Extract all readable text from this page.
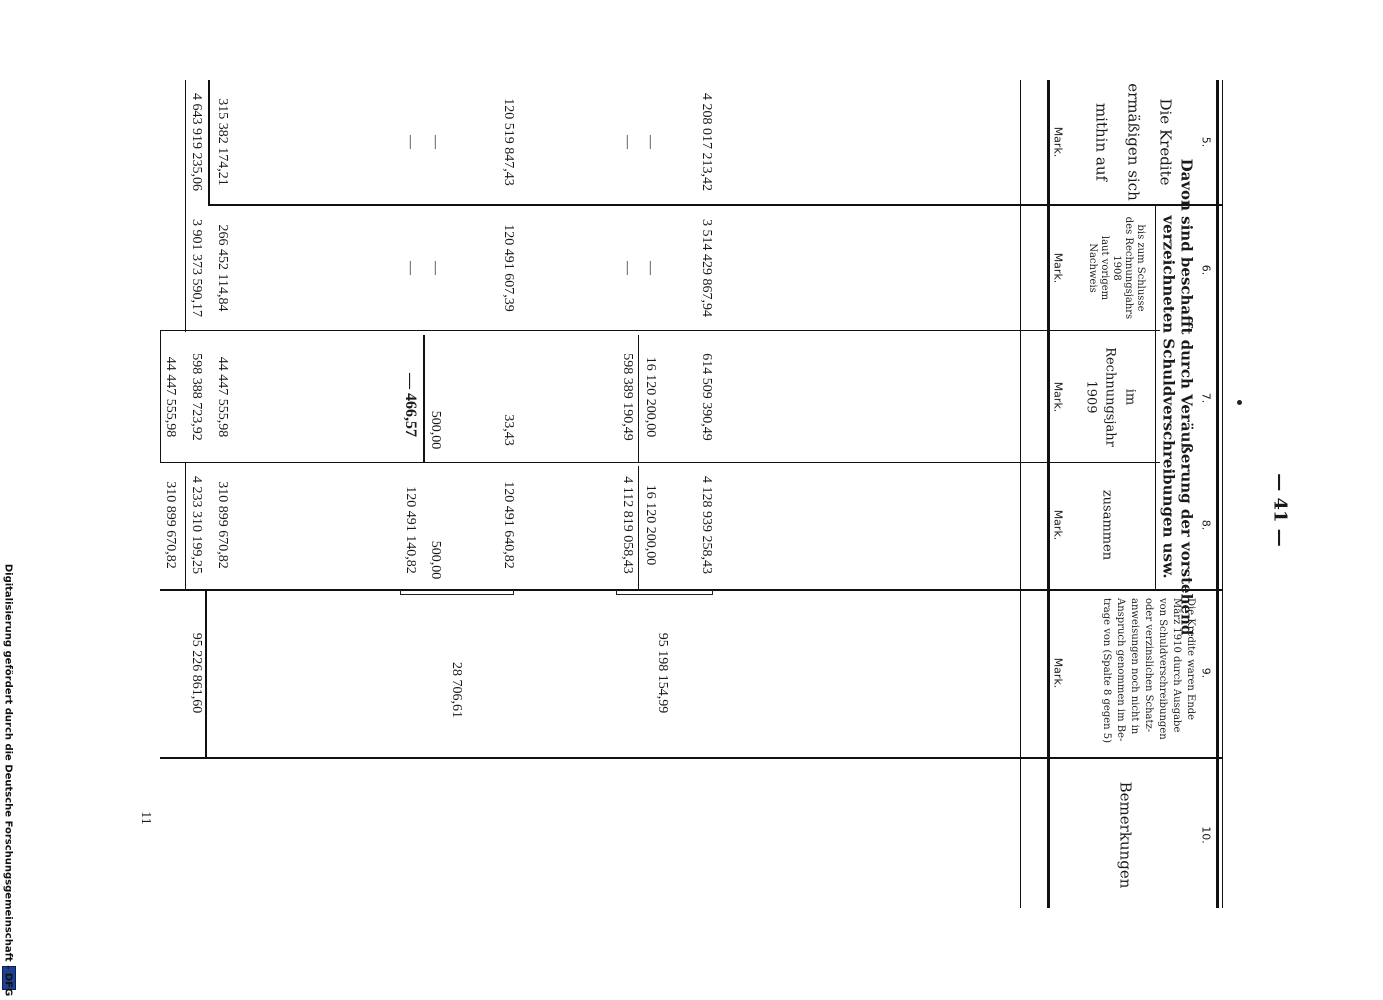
— 41 —
5.
6.
7.
8.
9.
10.
Die Kredite
ermäßigen sich
mithin auf
Mark.
Davon sind beschafft durch Veräußerung der vorstehend
verzeichneten Schuldverschreibungen usw.
bis zum Schlusse
des Rechnungsjahrs
1908
laut vorigem
Nachweis
Mark.
im
Rechnungsjahr
1909
Mark.
zusammen
Mark.
Die Kredite waren Ende
März 1910 durch Ausgabe
von Schuldverschreibungen
oder verzinslichen Schatz-
anweisungen noch nicht in
Anspruch genommen im Be-
trage von (Spalte 8 gegen 5)
Mark.
Bemerkungen
4 208 017 213,42
3 514 429 867,94
614 509 390,49
4 128 939 258,43
—
—
16 120 200,00
16 120 200,00
—
—
598 389 190,49
4 112 819 058,43
95 198 154,99
120 519 847,43
120 491 607,39
33,43
120 491 640,82
—
—
500,00
500,00
—
—
— 466,57
120 491 140,82
28 706,61
315 382 174,21
4 643 919 235,06
266 452 114,84
3 901 373 590,17
44 447 555,98
598 388 723,92
44 447 555,98
310 899 670,82
4 233 310 199,25
310 899 670,82
95 226 861,60
11
Digitalisierung gefördert durch die Deutsche Forschungsgemeinschaft - DFG
